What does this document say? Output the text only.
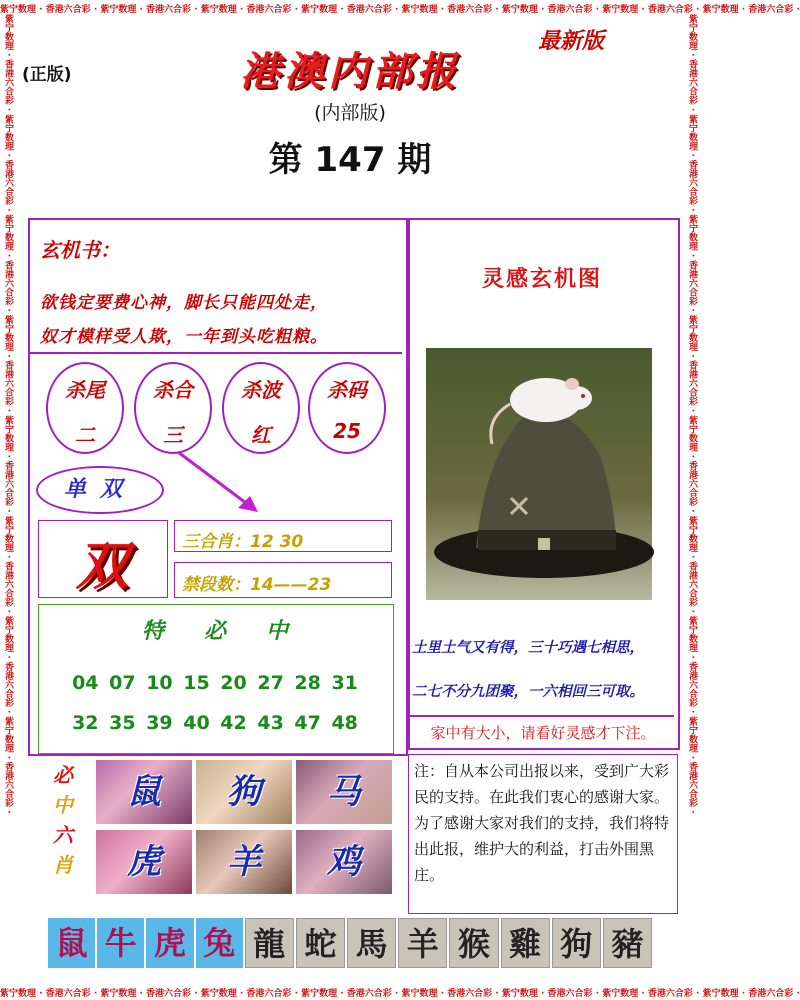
紫宁数理 · 香港六合彩 · 紫宁数理 · 香港六合彩 · 紫宁数理 · 香港六合彩 · 紫宁数理 · 香港六合彩 · 紫宁数理 · 香港六合彩 · 紫宁数理 · 香港六合彩 · 紫宁数理 · 香港六合彩 · 紫宁数理 · 香港六合彩 ·
紫宁数理 · 香港六合彩 · 紫宁数理 · 香港六合彩 · 紫宁数理 · 香港六合彩 · 紫宁数理 · 香港六合彩 · 紫宁数理 · 香港六合彩 · 紫宁数理 · 香港六合彩 · 紫宁数理 · 香港六合彩 · 紫宁数理 · 香港六合彩 ·
紫宁数理 · 香港六合彩 · 紫宁数理 · 香港六合彩 · 紫宁数理 · 香港六合彩 · 紫宁数理 · 香港六合彩 · 紫宁数理 · 香港六合彩 · 紫宁数理 · 香港六合彩 · 紫宁数理 · 香港六合彩 · 紫宁数理 · 香港六合彩 ·	紫宁数理 · 香港六合彩 · 紫宁数理 · 香港六合彩 · 紫宁数理 · 香港六合彩 · 紫宁数理 · 香港六合彩 · 紫宁数理 · 香港六合彩 · 紫宁数理 · 香港六合彩 · 紫宁数理 · 香港六合彩 · 紫宁数理 · 香港六合彩 ·
(正版)
最新版
港澳内部报
(内部版)
第 147 期
玄机书：
欲钱定要费心神，脚长只能四处走，
奴才模样受人欺，一年到头吃粗粮。
杀尾
二
杀合
三
杀波
红
杀码
25
单双
双	三合肖：12 30
禁段数：14——23
特必中
04 07 10 15 20 27 28 31
32 35 39 40 42 43 47 48
必
中
六
肖
鼠	狗	马
虎	羊	鸡
灵感玄机图
土里土气又有得，三十巧遇七相思，
二七不分九团聚，一六相回三可取。
家中有大小，请看好灵感才下注。
注：自从本公司出报以来，受到广大彩民的支持。在此我们衷心的感谢大家。为了感谢大家对我们的支持，我们将特出此报，维护大的利益，打击外围黑庄。
鼠 牛 虎 兔 龍 蛇 馬 羊 猴 雞 狗 豬
